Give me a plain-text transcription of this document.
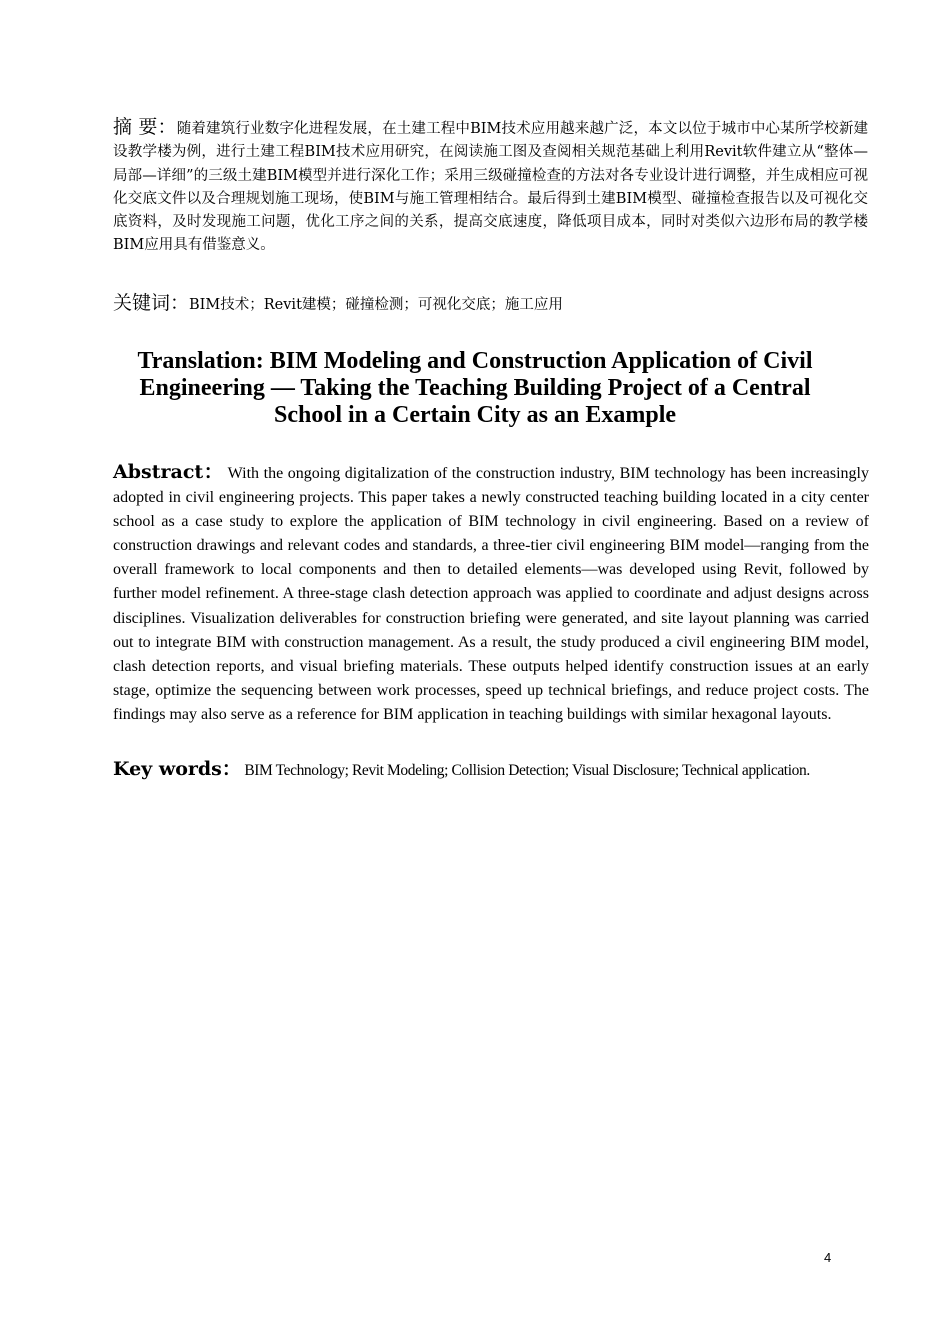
摘 要：随着建筑行业数字化进程发展，在土建工程中BIM技术应用越来越广泛，本文以位于城市中心某所学校新建设教学楼为例，进行土建工程BIM技术应用研究，在阅读施工图及查阅相关规范基础上利用Revit软件建立从“整体—局部—详细”的三级土建BIM模型并进行深化工作；采用三级碰撞检查的方法对各专业设计进行调整，并生成相应可视化交底文件以及合理规划施工现场，使BIM与施工管理相结合。最后得到土建BIM模型、碰撞检查报告以及可视化交底资料，及时发现施工问题，优化工序之间的关系，提高交底速度，降低项目成本，同时对类似六边形布局的教学楼BIM应用具有借鉴意义。

关键词：BIM技术；Revit建模；碰撞检测；可视化交底；施工应用

Translation: BIM Modeling and Construction Application of Civil Engineering — Taking the Teaching Building Project of a Central School in a Certain City as an Example

Abstract： With the ongoing digitalization of the construction industry, BIM technology has been increasingly adopted in civil engineering projects. This paper takes a newly constructed teaching building located in a city center school as a case study to explore the application of BIM technology in civil engineering. Based on a review of construction drawings and relevant codes and standards, a three-tier civil engineering BIM model—ranging from the overall framework to local components and then to detailed elements—was developed using Revit, followed by further model refinement. A three-stage clash detection approach was applied to coordinate and adjust designs across disciplines. Visualization deliverables for construction briefing were generated, and site layout planning was carried out to integrate BIM with construction management. As a result, the study produced a civil engineering BIM model, clash detection reports, and visual briefing materials. These outputs helped identify construction issues at an early stage, optimize the sequencing between work processes, speed up technical briefings, and reduce project costs. The findings may also serve as a reference for BIM application in teaching buildings with similar hexagonal layouts.

Key words： BIM Technology; Revit Modeling; Collision Detection; Visual Disclosure; Technical application.

4
